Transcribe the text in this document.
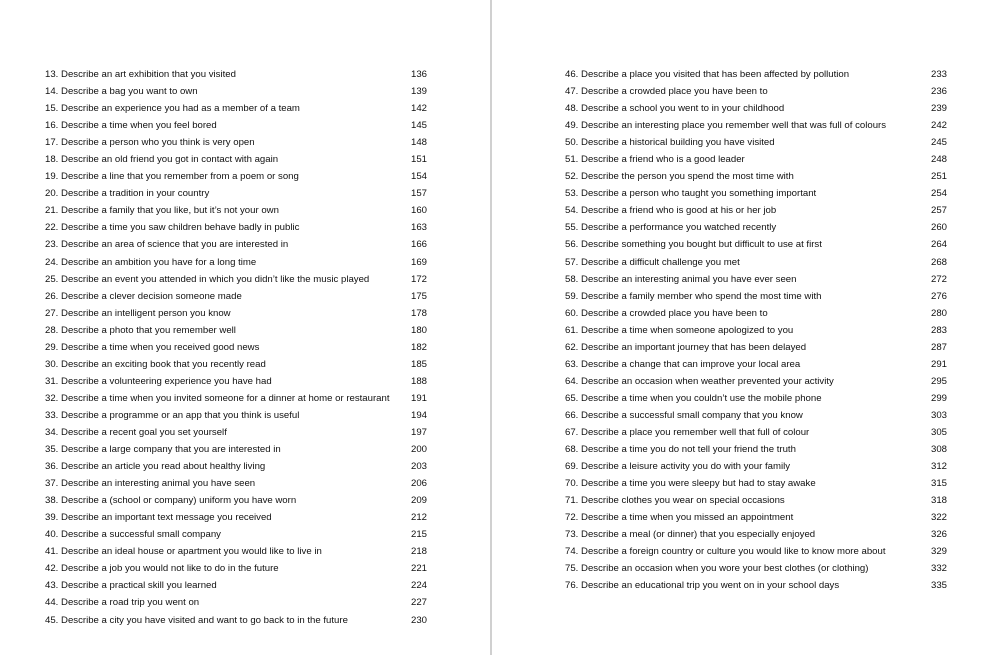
13. Describe an art exhibition that you visited	136
14. Describe a bag you want to own	139
15. Describe an experience you had as a member of a team	142
16. Describe a time when you feel bored	145
17. Describe a person who you think is very open	148
18. Describe an old friend you got in contact with again	151
19. Describe a line that you remember from a poem or song	154
20. Describe a tradition in your country	157
21. Describe a family that you like, but it’s not your own	160
22. Describe a time you saw children behave badly in public	163
23. Describe an area of science that you are interested in	166
24. Describe an ambition you have for a long time	169
25. Describe an event you attended in which you didn’t like the music played	172
26. Describe a clever decision someone made	175
27. Describe an intelligent person you know	178
28. Describe a photo that you remember well	180
29. Describe a time when you received good news	182
30. Describe an exciting book that you recently read	185
31. Describe a volunteering experience you have had	188
32. Describe a time when you invited someone for a dinner at home or restaurant 191
33. Describe a programme or an app that you think is useful	194
34. Describe a recent goal you set yourself	197
35. Describe a large company that you are interested in	200
36. Describe an article you read about healthy living	203
37. Describe an interesting animal you have seen	206
38. Describe a (school or company) uniform you have worn	209
39. Describe an important text message you received	212
40. Describe a successful small company	215
41. Describe an ideal house or apartment you would like to live in	218
42. Describe a job you would not like to do in the future	221
43. Describe a practical skill you learned	224
44. Describe a road trip you went on	227
45. Describe a city you have visited and want to go back to in the future	230
46. Describe a place you visited that has been affected by pollution	233
47. Describe a crowded place you have been to	236
48. Describe a school you went to in your childhood	239
49. Describe an interesting place you remember well that was full of colours	242
50. Describe a historical building you have visited	245
51. Describe a friend who is a good leader	248
52. Describe the person you spend the most time with	251
53. Describe a person who taught you something important	254
54. Describe a friend who is good at his or her job	257
55. Describe a performance you watched recently	260
56. Describe something you bought but difficult to use at first	264
57. Describe a difficult challenge you met	268
58. Describe an interesting animal you have ever seen	272
59. Describe a family member who spend the most time with	276
60. Describe a crowded place you have been to	280
61. Describe a time when someone apologized to you	283
62. Describe an important journey that has been delayed	287
63. Describe a change that can improve your local area	291
64. Describe an occasion when weather prevented your activity	295
65. Describe a time when you couldn’t use the mobile phone	299
66. Describe a successful small company that you know	303
67. Describe a place you remember well that full of colour	305
68. Describe a time you do not tell your friend the truth	308
69. Describe a leisure activity you do with your family	312
70. Describe a time you were sleepy but had to stay awake	315
71. Describe clothes you wear on special occasions	318
72. Describe a time when you missed an appointment	322
73. Describe a meal (or dinner) that you especially enjoyed	326
74. Describe a foreign country or culture you would like to know more about	329
75. Describe an occasion when you wore your best clothes (or clothing)	332
76. Describe an educational trip you went on in your school days	335
